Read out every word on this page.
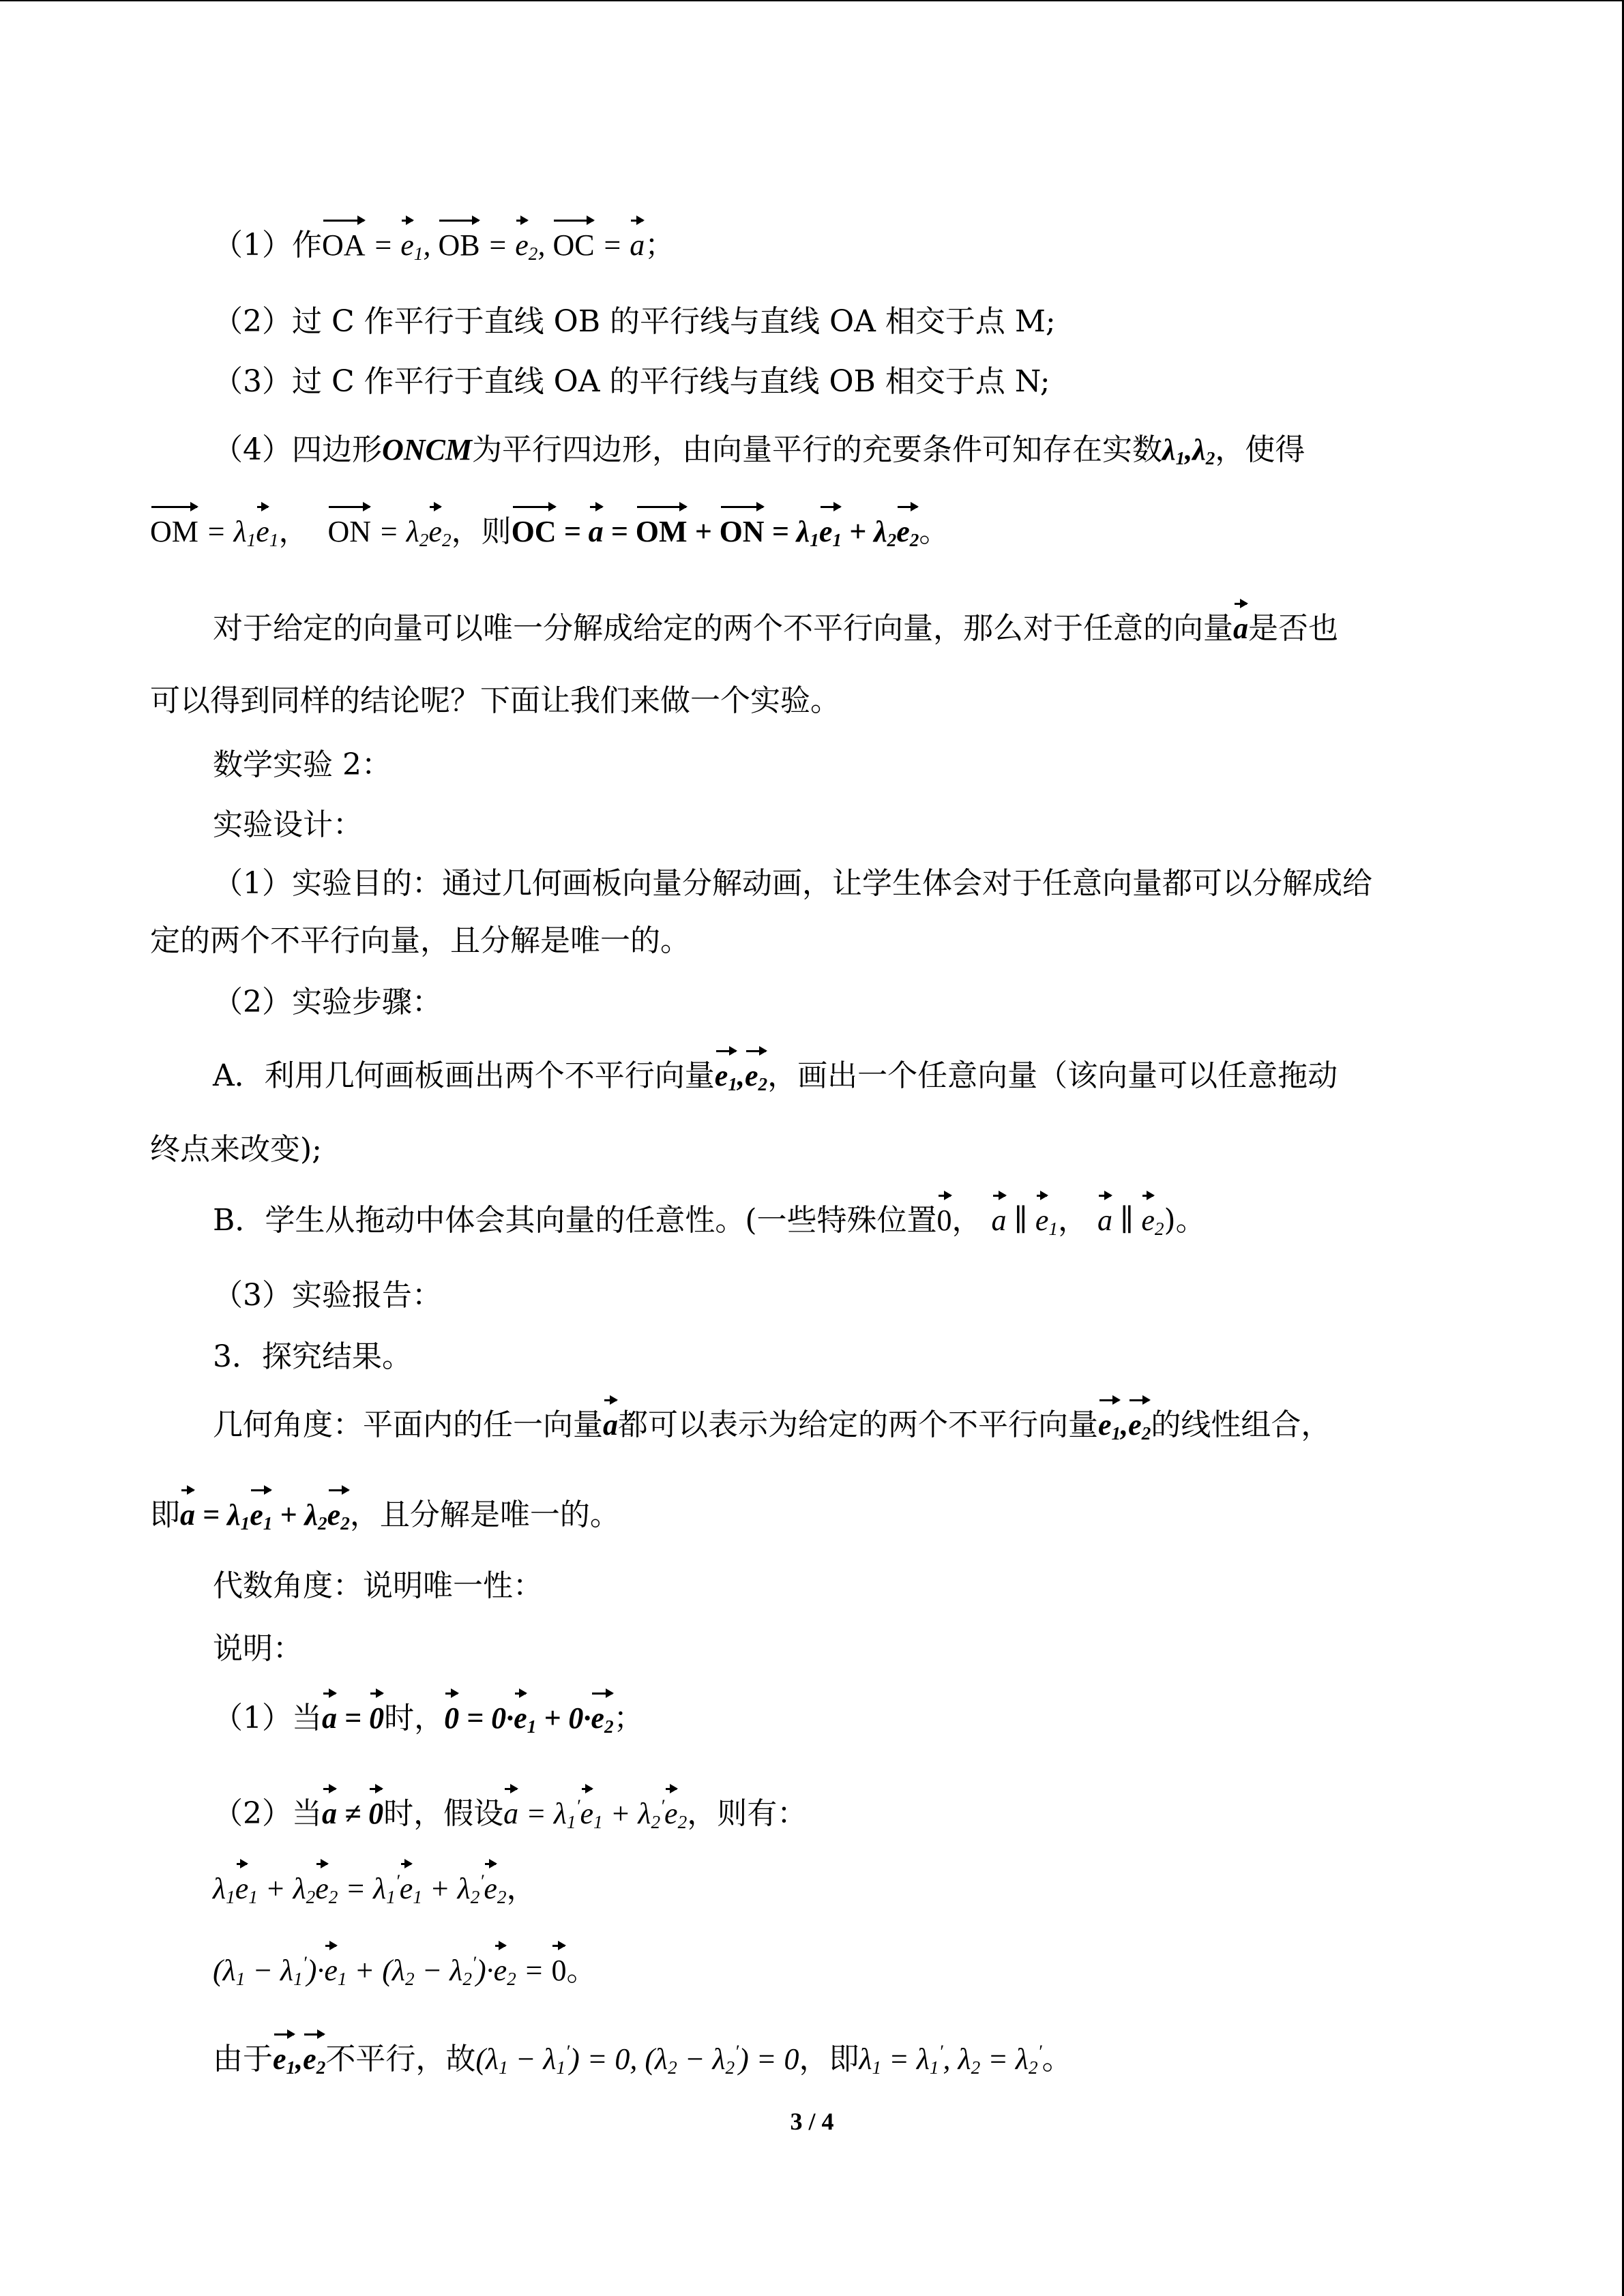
（1）作OA = $e_1$, OB = $e_2$, OC = a；
（2）过 C 作平行于直线 OB 的平行线与直线 OA 相交于点 M;
（3）过 C 作平行于直线 OA 的平行线与直线 OB 相交于点 N;
（4）四边形ONCM为平行四边形，由向量平行的充要条件可知存在实数$\lambda_1,\lambda_2$，使得
OM = $\lambda_1e_1$， ON = $\lambda_2e_2$，则OC = a = OM + ON = $\lambda_1e_1 + \lambda_2e_2$。
对于给定的向量可以唯一分解成给定的两个不平行向量，那么对于任意的向量a是否也
可以得到同样的结论呢？下面让我们来做一个实验。
数学实验 2：
实验设计：
（1）实验目的：通过几何画板向量分解动画，让学生体会对于任意向量都可以分解成给
定的两个不平行向量，且分解是唯一的。
（2）实验步骤：
A．利用几何画板画出两个不平行向量$e_1,e_2$，画出一个任意向量（该向量可以任意拖动
终点来改变);
B．学生从拖动中体会其向量的任意性。(一些特殊位置0， a ∥ $e_1$， a ∥ $e_2$)。
（3）实验报告：
3．探究结果。
几何角度：平面内的任一向量a都可以表示为给定的两个不平行向量$e_1,e_2$的线性组合，
即$a = \lambda_1e_1 + \lambda_2e_2$，且分解是唯一的。
代数角度：说明唯一性：
说明：
（1）当a = 0时，$0 = 0\cdot e_1 + 0\cdot e_2$；
（2）当a ≠ 0时，假设$a = \lambda_1'e_1 + \lambda_2'e_2$，则有：
$\lambda_1e_1 + \lambda_2e_2 = \lambda_1'e_1 + \lambda_2'e_2$，
$(\lambda_1 - \lambda_1')\cdot e_1 + (\lambda_2 - \lambda_2')\cdot e_2 = 0$。
由于$e_1,e_2$不平行，故$(\lambda_1 - \lambda_1') = 0$, $(\lambda_2 - \lambda_2') = 0$，即$\lambda_1 = \lambda_1'$, $\lambda_2 = \lambda_2'$。
3 / 4
